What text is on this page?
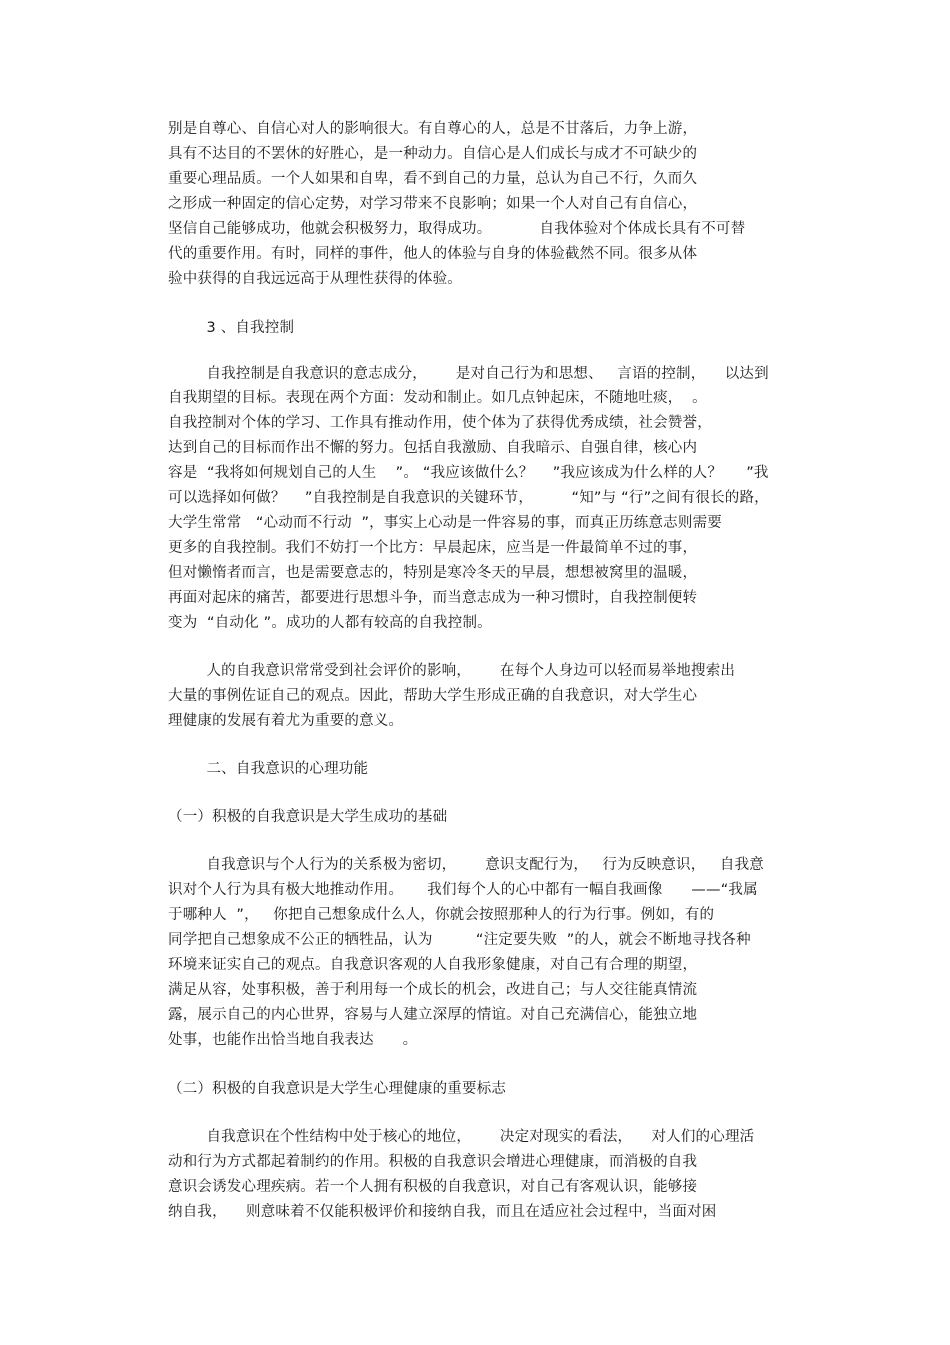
别是自尊心、自信心对人的影响很大。有自尊心的人，总是不甘落后，力争上游，
具有不达目的不罢休的好胜心，是一种动力。自信心是人们成长与成才不可缺少的
重要心理品质。一个人如果和自卑，看不到自己的力量，总认为自己不行，久而久
之形成一种固定的信心定势，对学习带来不良影响；如果一个人对自己有自信心，
坚信自己能够成功，他就会积极努力，取得成功。          自我体验对个体成长具有不可替
代的重要作用。有时，同样的事件，他人的体验与自身的体验截然不同。很多从体
验中获得的自我远远高于从理性获得的体验。
3 、自我控制
自我控制是自我意识的意志成分，      是对自己行为和思想、   言语的控制，    以达到
自我期望的目标。表现在两个方面：发动和制止。如几点钟起床，不随地吐痰，  。
自我控制对个体的学习、工作具有推动作用，使个体为了获得优秀成绩，社会赞誉，
达到自己的目标而作出不懈的努力。包括自我激励、自我暗示、自强自律，核心内
容是  “我将如何规划自己的人生    ”。 “我应该做什么？    ”我应该成为什么样的人？     ”我
可以选择如何做？    ”自我控制是自我意识的关键环节，        “知”与 “行”之间有很长的路，
大学生常常   “心动而不行动  ”，事实上心动是一件容易的事，而真正历练意志则需要
更多的自我控制。我们不妨打一个比方：早晨起床，应当是一件最简单不过的事，
但对懒惰者而言，也是需要意志的，特别是寒冷冬天的早晨，想想被窝里的温暖，
再面对起床的痛苦，都要进行思想斗争，而当意志成为一种习惯时，自我控制便转
变为  “自动化 ”。成功的人都有较高的自我控制。
人的自我意识常常受到社会评价的影响，      在每个人身边可以轻而易举地搜索出
大量的事例佐证自己的观点。因此，帮助大学生形成正确的自我意识，对大学生心
理健康的发展有着尤为重要的意义。
二、自我意识的心理功能
（一）积极的自我意识是大学生成功的基础
自我意识与个人行为的关系极为密切，      意识支配行为，   行为反映意识，   自我意
识对个人行为具有极大地推动作用。     我们每个人的心中都有一幅自我画像      ——“我属
于哪种人  ”，   你把自己想象成什么人，你就会按照那种人的行为行事。例如，有的
同学把自己想象成不公正的牺牲品，认为         “注定要失败  ”的人，就会不断地寻找各种
环境来证实自己的观点。自我意识客观的人自我形象健康，对自己有合理的期望，
满足从容，处事积极，善于利用每一个成长的机会，改进自己；与人交往能真情流
露，展示自己的内心世界，容易与人建立深厚的情谊。对自己充满信心，能独立地
处事，也能作出恰当地自我表达      。
（二）积极的自我意识是大学生心理健康的重要标志
自我意识在个性结构中处于核心的地位，      决定对现实的看法，    对人们的心理活
动和行为方式都起着制约的作用。积极的自我意识会增进心理健康，而消极的自我
意识会诱发心理疾病。若一个人拥有积极的自我意识，对自己有客观认识，能够接
纳自我，    则意味着不仅能积极评价和接纳自我，而且在适应社会过程中，当面对困
